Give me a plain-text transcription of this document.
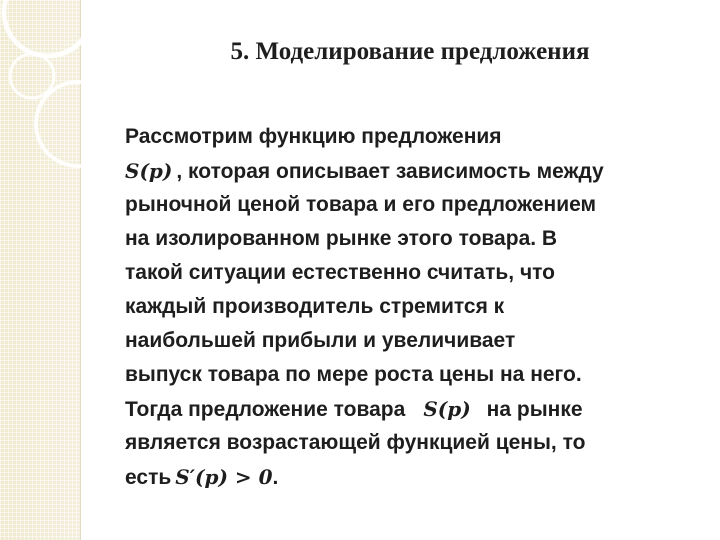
5. Моделирование предложения
Рассмотрим функцию предложения
S(p) , которая описывает зависимость между
рыночной ценой товара и его предложением
на изолированном рынке этого товара. В
такой ситуации естественно считать, что
каждый производитель стремится к
наибольшей прибыли и увеличивает
выпуск товара по мере роста цены на него.
Тогда предложение товара S(p) на рынке
является возрастающей функцией цены, то
есть S′(p) > 0.
